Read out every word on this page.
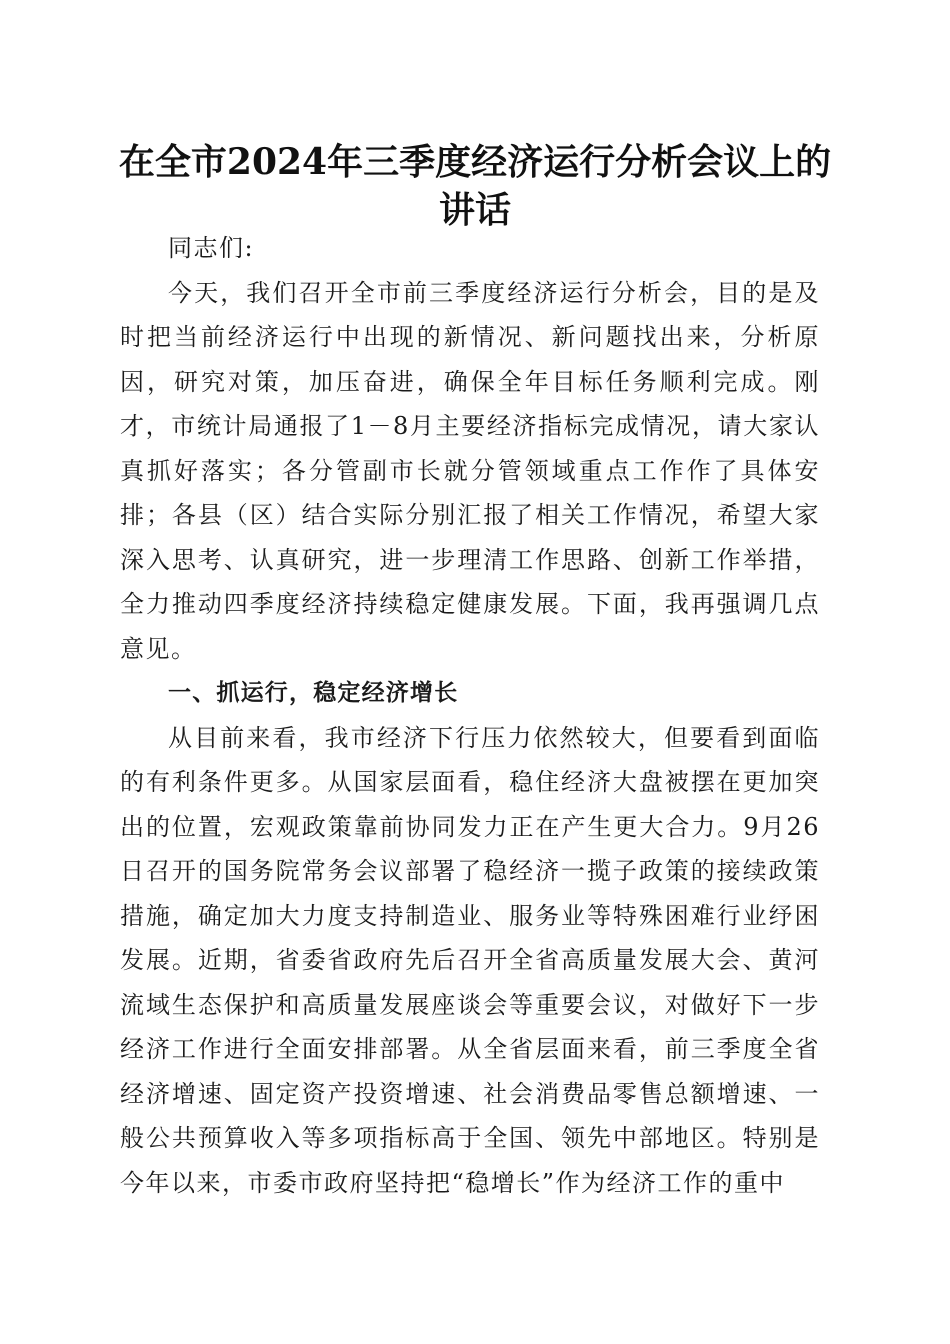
在全市2024年三季度经济运行分析会议上的
讲话

同志们:

今天，我们召开全市前三季度经济运行分析会，目的是及时把当前经济运行中出现的新情况、新问题找出来，分析原因，研究对策，加压奋进，确保全年目标任务顺利完成。刚才，市统计局通报了1－8月主要经济指标完成情况，请大家认真抓好落实；各分管副市长就分管领域重点工作作了具体安排；各县（区）结合实际分别汇报了相关工作情况，希望大家深入思考、认真研究，进一步理清工作思路、创新工作举措，全力推动四季度经济持续稳定健康发展。下面，我再强调几点意见。

一、抓运行，稳定经济增长

从目前来看，我市经济下行压力依然较大，但要看到面临的有利条件更多。从国家层面看，稳住经济大盘被摆在更加突出的位置，宏观政策靠前协同发力正在产生更大合力。9月26日召开的国务院常务会议部署了稳经济一揽子政策的接续政策措施，确定加大力度支持制造业、服务业等特殊困难行业纾困发展。近期，省委省政府先后召开全省高质量发展大会、黄河流域生态保护和高质量发展座谈会等重要会议，对做好下一步经济工作进行全面安排部署。从全省层面来看，前三季度全省经济增速、固定资产投资增速、社会消费品零售总额增速、一般公共预算收入等多项指标高于全国、领先中部地区。特别是今年以来，市委市政府坚持把“稳增长”作为经济工作的重中
